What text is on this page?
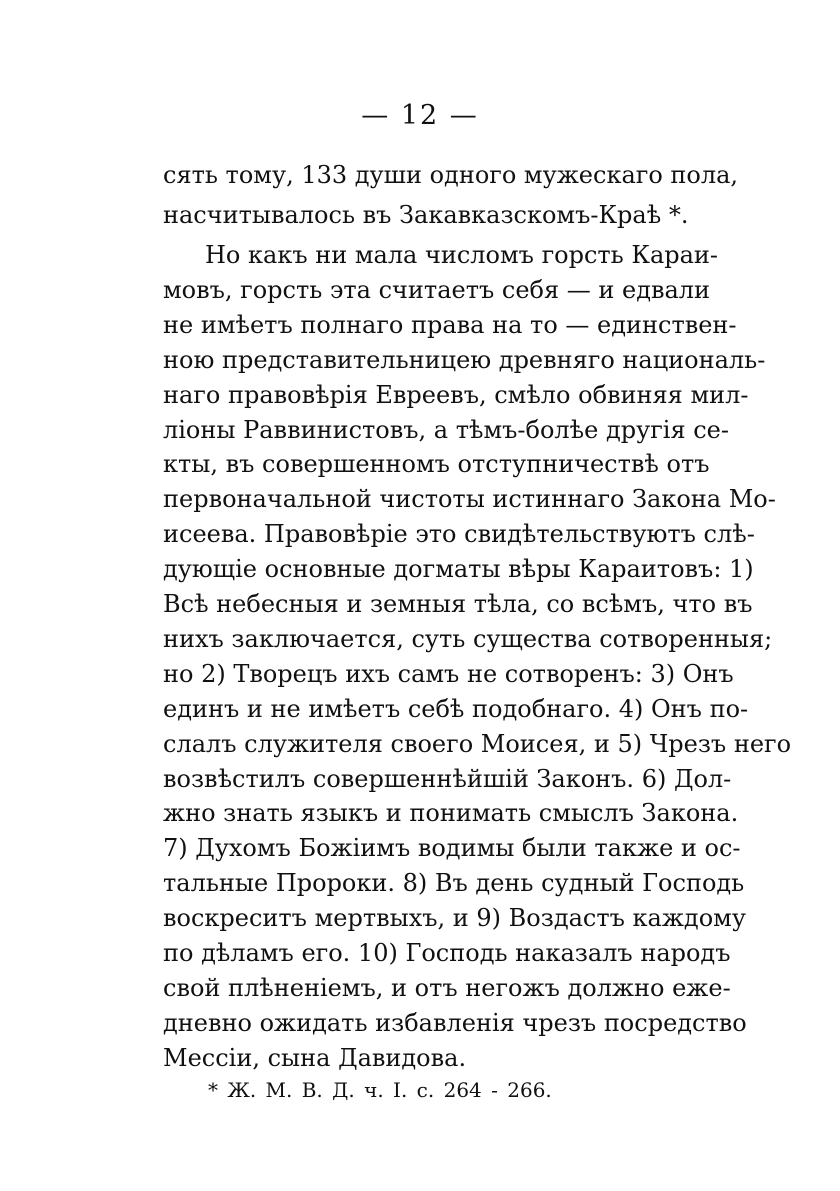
— 12 —
сять тому, 133 души одного мужескаго пола,
насчитывалось въ Закавказскомъ-Краѣ *.
Но какъ ни мала числомъ горсть Караи-
мовъ, горсть эта считаетъ себя — и едвали
не имѣетъ полнаго права на то — единствен-
ною представительницею древняго националь-
наго правовѣрія Евреевъ, смѣло обвиняя мил-
ліоны Раввинистовъ, а тѣмъ-болѣе другія се-
кты, въ совершенномъ отступничествѣ отъ
первоначальной чистоты истиннаго Закона Мо-
исеева. Правовѣріе это свидѣтельствуютъ слѣ-
дующіе основные догматы вѣры Караитовъ: 1)
Всѣ небесныя и земныя тѣла, со всѣмъ, что въ
нихъ заключается, суть существа сотворенныя;
но 2) Творецъ ихъ самъ не сотворенъ: 3) Онъ
единъ и не имѣетъ себѣ подобнаго. 4) Онъ по-
слалъ служителя своего Моисея, и 5) Чрезъ него
возвѣстилъ совершеннѣйшій Законъ. 6) Дол-
жно знать языкъ и понимать смыслъ Закона.
7) Духомъ Божіимъ водимы были также и ос-
тальные Пророки. 8) Въ день судный Господь
воскреситъ мертвыхъ, и 9) Воздастъ каждому
по дѣламъ его. 10) Господь наказалъ народъ
свой плѣненіемъ, и отъ негожъ должно еже-
дневно ожидать избавленія чрезъ посредство
Мессіи, сына Давидова.
* Ж. М. В. Д. ч. I. с. 264 - 266.
